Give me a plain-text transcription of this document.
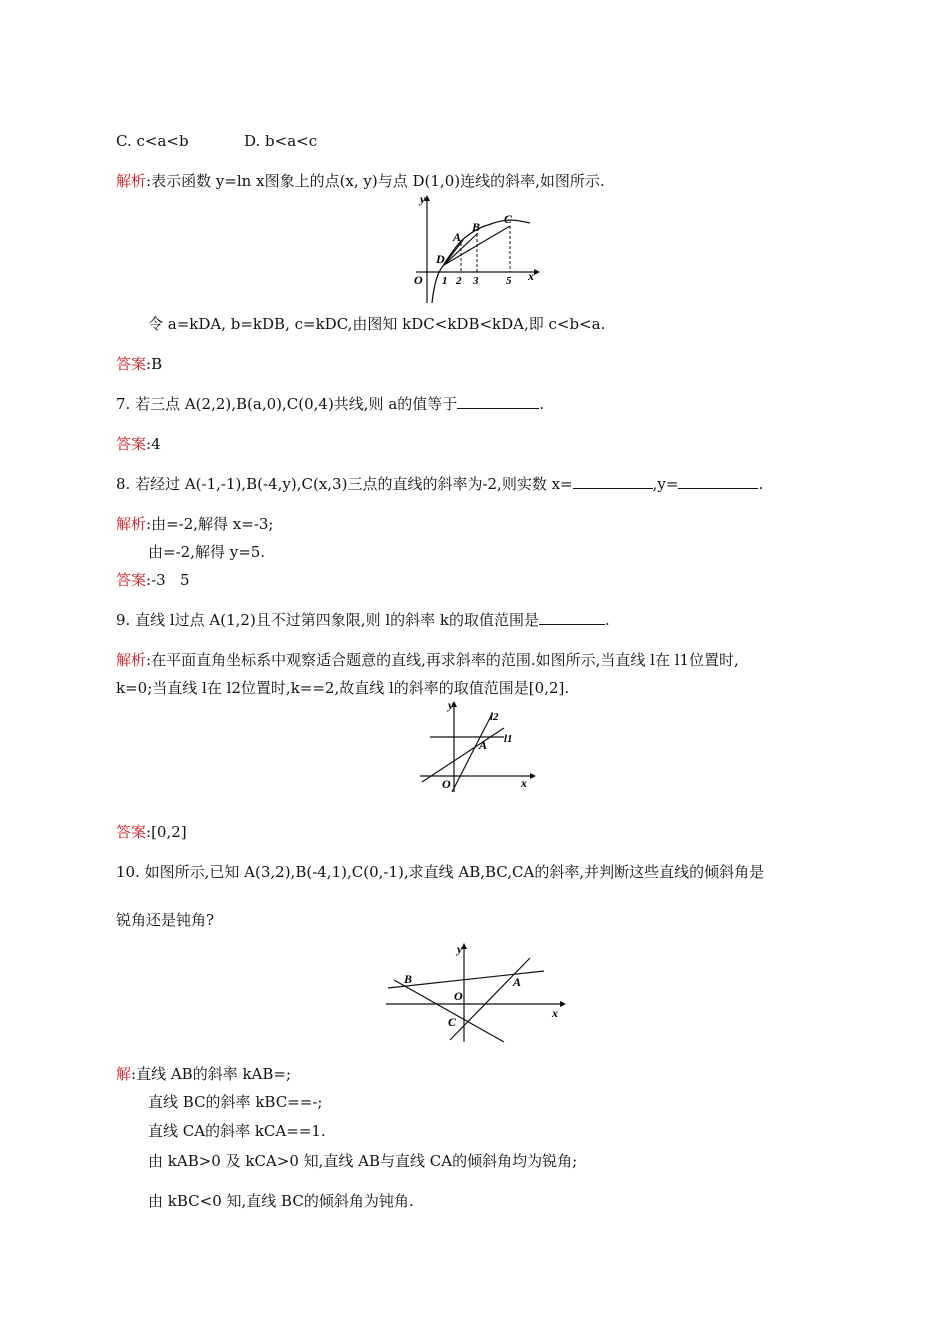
C. c<a<b	D. b<a<c
解析:表示函数 y=ln x图象上的点(x, y)与点 D(1,0)连线的斜率,如图所示.
y
x
O
D
A
B
C
1 2 3	5
令 a=kDA, b=kDB, c=kDC,由图知 kDC<kDB<kDA,即 c<b<a.
答案:B
7. 若三点 A(2,2),B(a,0),C(0,4)共线,则 a的值等于	.
答案:4
8. 若经过 A(-1,-1),B(-4,y),C(x,3)三点的直线的斜率为-2,则实数 x=	,y=	.
解析:由=-2,解得 x=-3;
由=-2,解得 y=5.
答案:-3   5
9. 直线 l过点 A(1,2)且不过第四象限,则 l的斜率 k的取值范围是	.
解析:在平面直角坐标系中观察适合题意的直线,再求斜率的范围.如图所示,当直线 l在 l1位置时,
k=0;当直线 l在 l2位置时,k==2,故直线 l的斜率的取值范围是[0,2].
y
x
O
A l1
l2
答案:[0,2]
10. 如图所示,已知 A(3,2),B(-4,1),C(0,-1),求直线 AB,BC,CA的斜率,并判断这些直线的倾斜角是
锐角还是钝角?
y
x
O
A
B
C
解:直线 AB的斜率 kAB=;
直线 BC的斜率 kBC==-;
直线 CA的斜率 kCA==1.
由 kAB>0 及 kCA>0 知,直线 AB与直线 CA的倾斜角均为锐角;
由 kBC<0 知,直线 BC的倾斜角为钝角.
